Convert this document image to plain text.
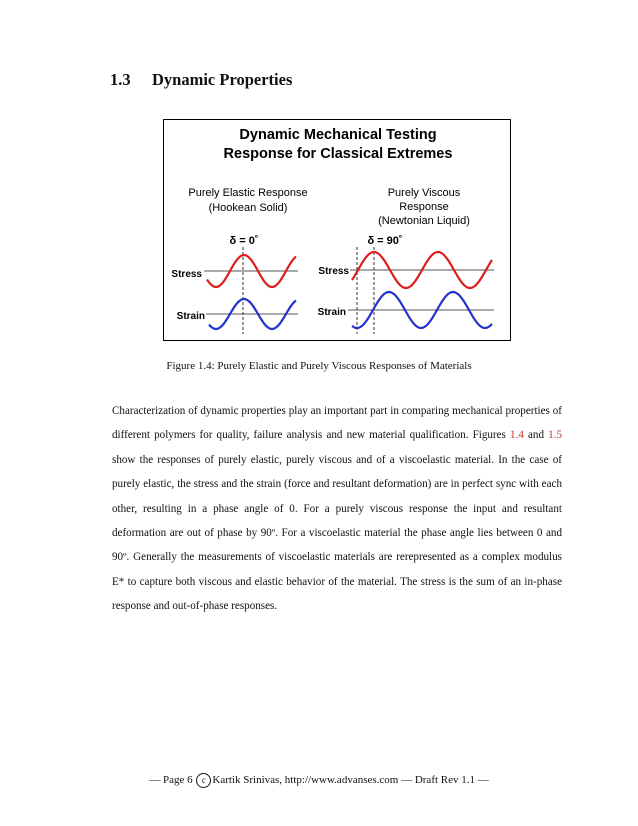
1.3 Dynamic Properties
Dynamic Mechanical Testing
Response for Classical Extremes
Purely Elastic Response
(Hookean Solid)
Purely Viscous
Response
(Newtonian Liquid)
δ = 0˚	δ = 90˚
Stress
Strain
Stress
Strain
Figure 1.4: Purely Elastic and Purely Viscous Responses of Materials
Characterization of dynamic properties play an important part in comparing mechanical properties of different polymers for quality, failure analysis and new material qualification. Figures 1.4 and 1.5 show the responses of purely elastic, purely viscous and of a viscoelastic material. In the case of purely elastic, the stress and the strain (force and resultant deformation) are in perfect sync with each other, resulting in a phase angle of 0. For a purely viscous response the input and resultant deformation are out of phase by 90º. For a viscoelastic material the phase angle lies between 0 and 90º. Generally the measurements of viscoelastic materials are rerepresented as a complex modulus E* to capture both viscous and elastic behavior of the material. The stress is the sum of an in-phase response and out-of-phase responses.
— Page 6 c Kartik Srinivas, http://www.advanses.com — Draft Rev 1.1 —
